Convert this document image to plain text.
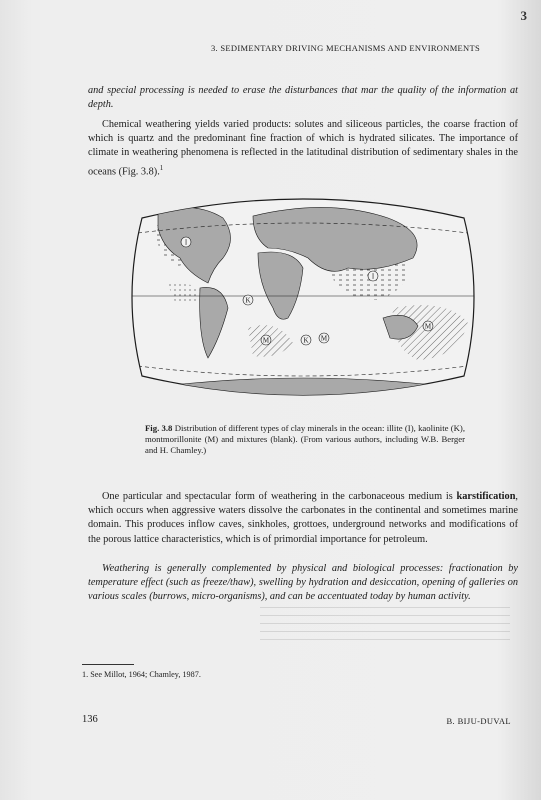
3
3. SEDIMENTARY DRIVING MECHANISMS AND ENVIRONMENTS

and special processing is needed to erase the disturbances that mar the quality of the information at depth.

Chemical weathering yields varied products: solutes and siliceous particles, the coarse fraction of which is quartz and the predominant fine fraction of which is hydrated silicates. The importance of climate in weathering phenomena is reflected in the latitudinal distribution of sedimentary shales in the oceans (Fig. 3.8).$^1$

I
K
I
M
M	K M

Fig. 3.8 Distribution of different types of clay minerals in the ocean: illite (I), kaolinite (K), montmorillonite (M) and mixtures (blank). (From various authors, including W.B. Berger and H. Chamley.)

One particular and spectacular form of weathering in the carbonaceous medium is karstification, which occurs when aggressive waters dissolve the carbonates in the continental and sometimes marine domain. This produces inflow caves, sinkholes, grottoes, underground networks and modifications of the porous lattice characteristics, which is of primordial importance for petroleum.

Weathering is generally complemented by physical and biological processes: fractionation by temperature effect (such as freeze/thaw), swelling by hydration and desiccation, opening of galleries on various scales (burrows, micro-organisms), and can be accentuated today by human activity.

1. See Millot, 1964; Chamley, 1987.
136	B. BIJU-DUVAL
